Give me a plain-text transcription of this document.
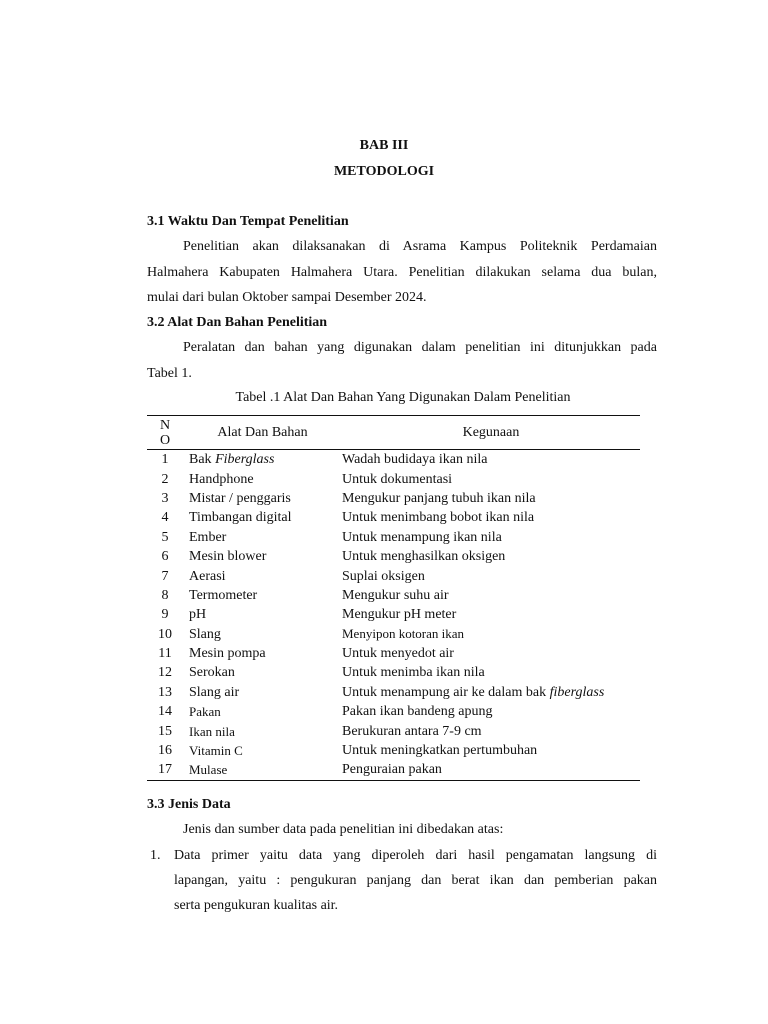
BAB III
METODOLOGI
3.1 Waktu Dan Tempat Penelitian
Penelitian akan dilaksanakan di Asrama Kampus Politeknik Perdamaian
Halmahera Kabupaten Halmahera Utara. Penelitian dilakukan selama dua bulan,
mulai dari bulan Oktober sampai Desember 2024.
3.2 Alat Dan Bahan Penelitian
Peralatan dan bahan yang digunakan dalam penelitian ini ditunjukkan pada
Tabel 1.
Tabel .1 Alat Dan Bahan Yang Digunakan Dalam Penelitian
N
O	Alat Dan Bahan	Kegunaan
1	Bak Fiberglass	Wadah budidaya ikan nila
2	Handphone	Untuk dokumentasi
3	Mistar / penggaris	Mengukur panjang tubuh ikan nila
4	Timbangan digital	Untuk menimbang bobot ikan nila
5	Ember	Untuk menampung ikan nila
6	Mesin blower	Untuk menghasilkan oksigen
7	Aerasi	Suplai oksigen
8	Termometer	Mengukur suhu air
9	pH	Mengukur pH meter
10	Slang	Menyipon kotoran ikan
11	Mesin pompa	Untuk menyedot air
12	Serokan	Untuk menimba ikan nila
13	Slang air	Untuk menampung air ke dalam bak fiberglass
14	Pakan	Pakan ikan bandeng apung
15	Ikan nila	Berukuran antara 7-9 cm
16	Vitamin C	Untuk meningkatkan pertumbuhan
17	Mulase	Penguraian pakan
3.3 Jenis Data
Jenis dan sumber data pada penelitian ini dibedakan atas:
1. Data primer yaitu data yang diperoleh dari hasil pengamatan langsung di
lapangan, yaitu : pengukuran panjang dan berat ikan dan pemberian pakan
serta pengukuran kualitas air.
